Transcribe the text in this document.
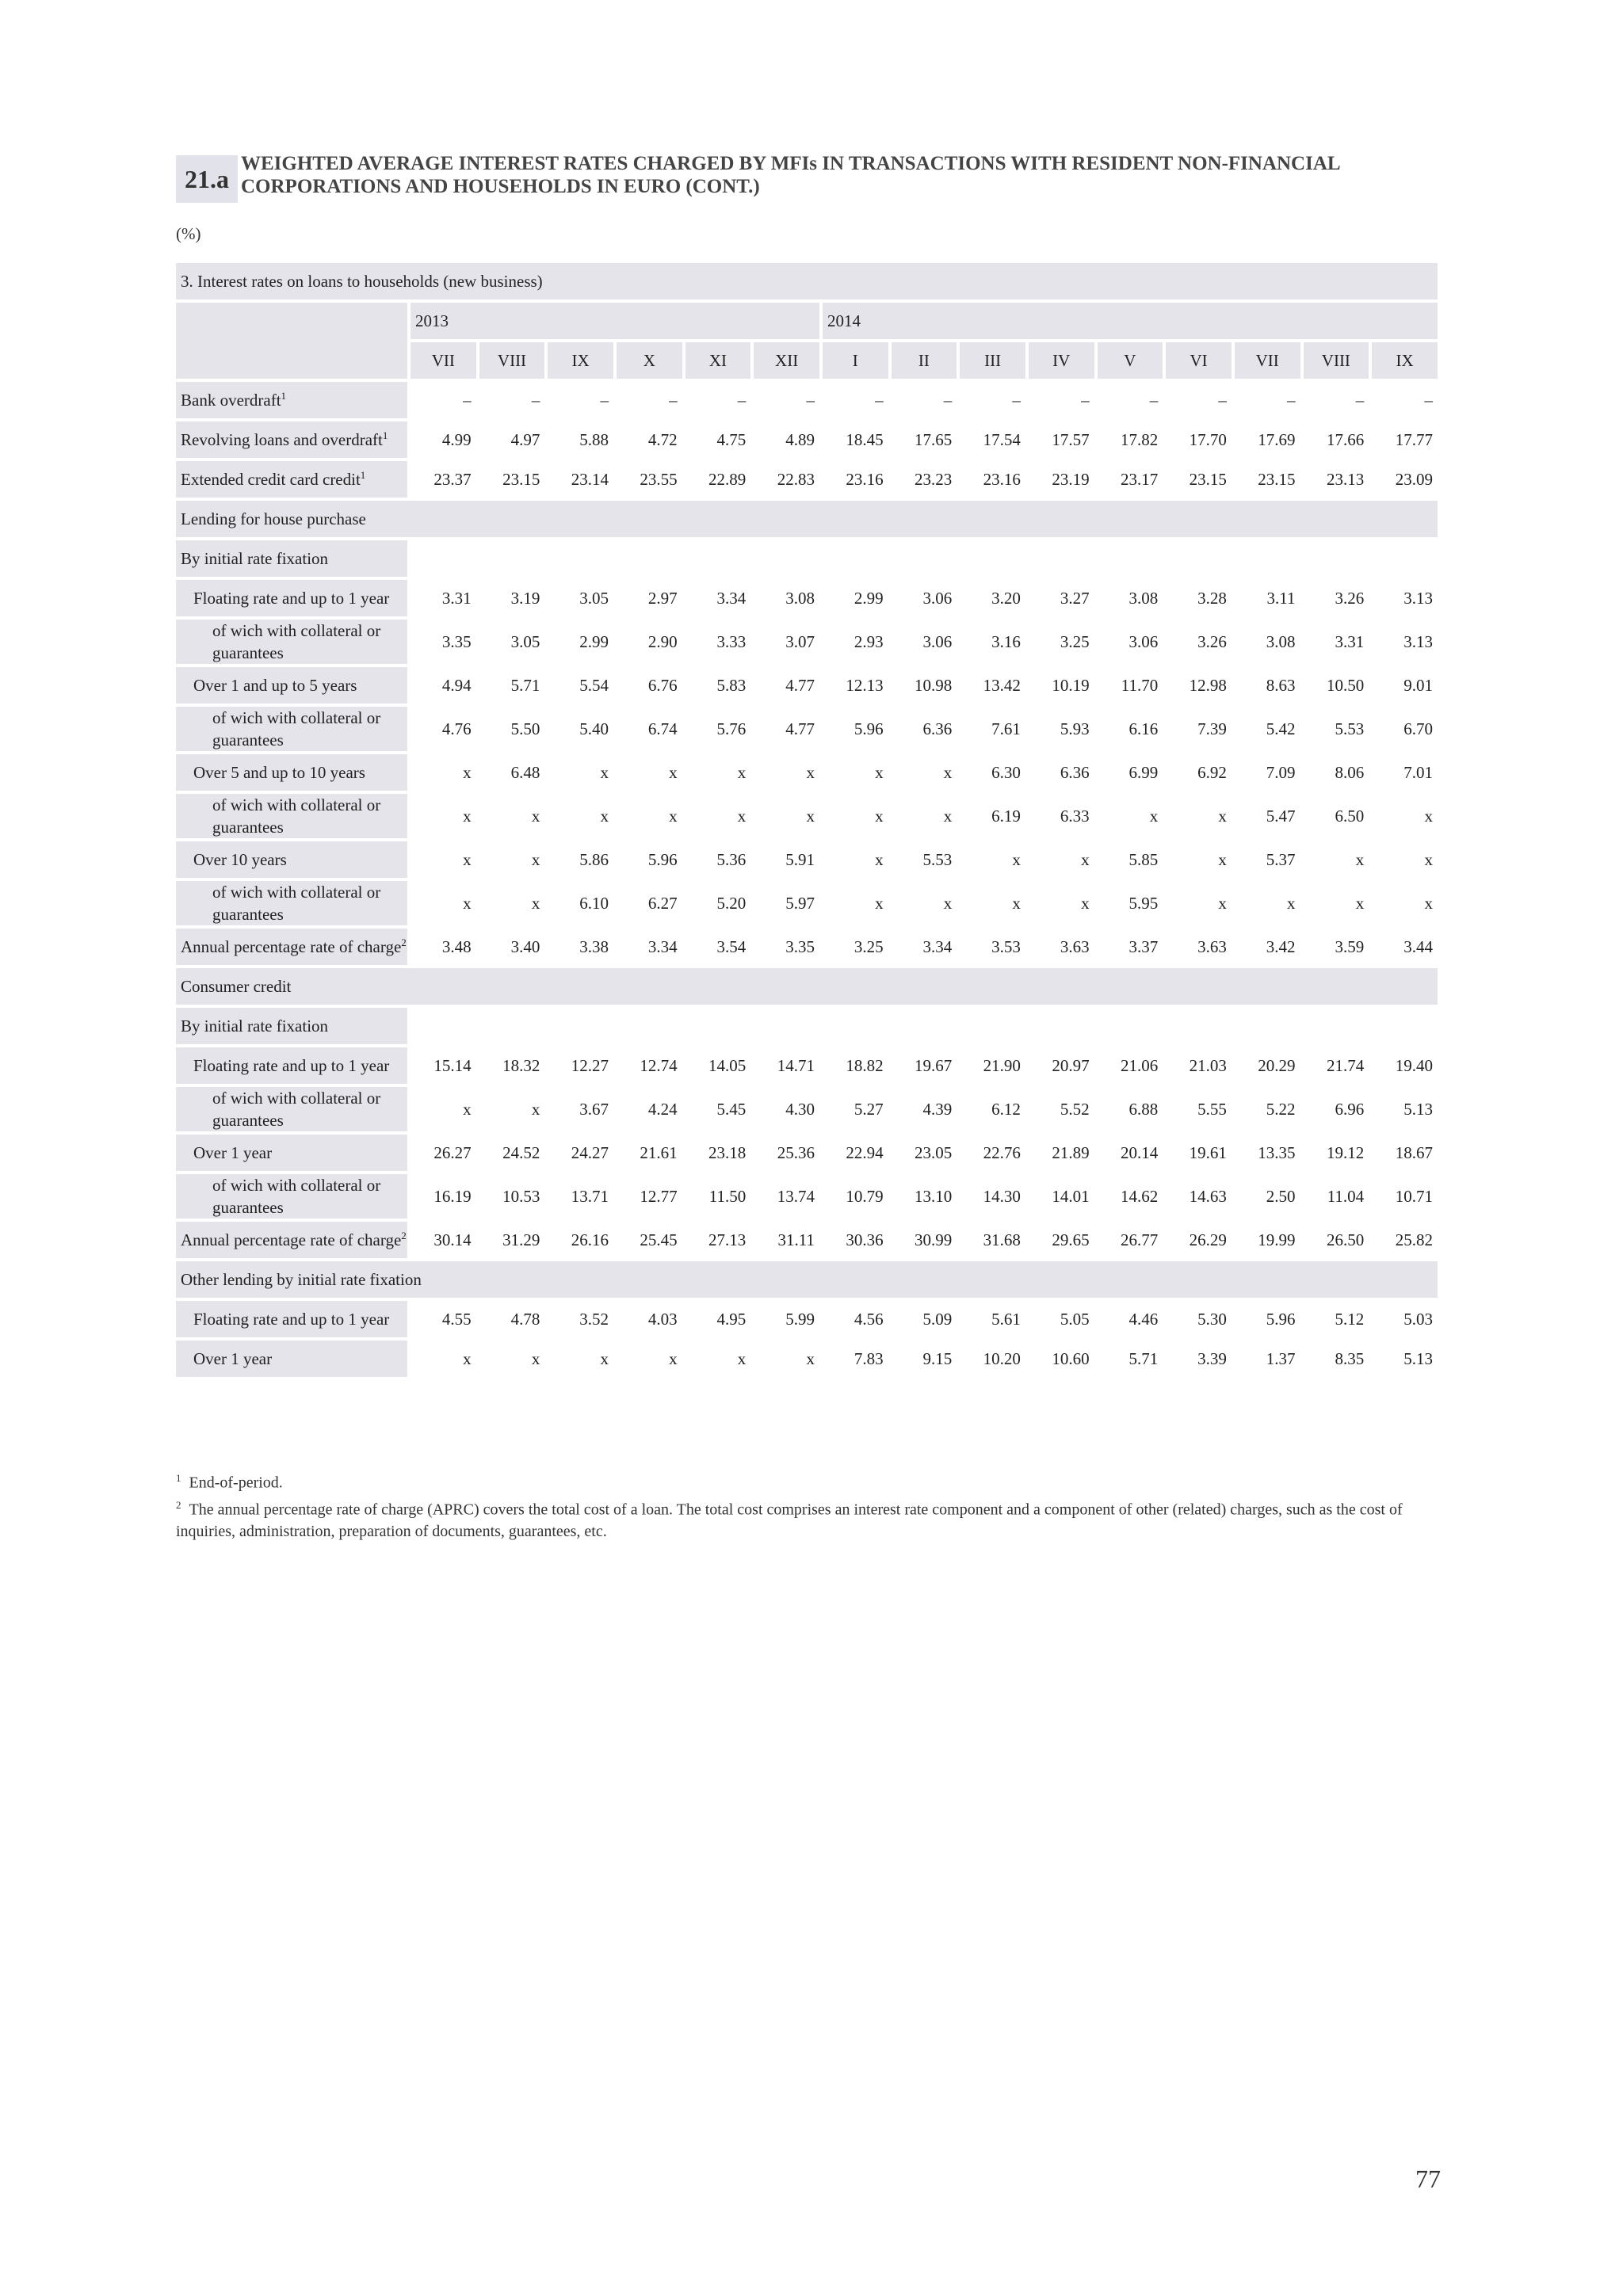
21.a
WEIGHTED AVERAGE INTEREST RATES CHARGED BY MFIs IN TRANSACTIONS WITH RESIDENT NON-FINANCIAL
CORPORATIONS AND HOUSEHOLDS IN EURO (CONT.)
(%)
3. Interest rates on loans to households (new business)															
	2013						2014								
	VII	VIII	IX	X	XI	XII	I	II	III	IV	V	VI	VII	VIII	IX
Bank overdraft$^1$	–	–	–	–	–	–	–	–	–	–	–	–	–	–	–
Revolving loans and overdraft$^1$	4.99	4.97	5.88	4.72	4.75	4.89	18.45	17.65	17.54	17.57	17.82	17.70	17.69	17.66	17.77
Extended credit card credit$^1$	23.37	23.15	23.14	23.55	22.89	22.83	23.16	23.23	23.16	23.19	23.17	23.15	23.15	23.13	23.09
Lending for house purchase															
By initial rate fixation															
Floating rate and up to 1 year	3.31	3.19	3.05	2.97	3.34	3.08	2.99	3.06	3.20	3.27	3.08	3.28	3.11	3.26	3.13
of wich with collateral or guarantees	3.35	3.05	2.99	2.90	3.33	3.07	2.93	3.06	3.16	3.25	3.06	3.26	3.08	3.31	3.13
Over 1 and up to 5 years	4.94	5.71	5.54	6.76	5.83	4.77	12.13	10.98	13.42	10.19	11.70	12.98	8.63	10.50	9.01
of wich with collateral or guarantees	4.76	5.50	5.40	6.74	5.76	4.77	5.96	6.36	7.61	5.93	6.16	7.39	5.42	5.53	6.70
Over 5 and up to 10 years	x	6.48	x	x	x	x	x	x	6.30	6.36	6.99	6.92	7.09	8.06	7.01
of wich with collateral or guarantees	x	x	x	x	x	x	x	x	6.19	6.33	x	x	5.47	6.50	x
Over 10 years	x	x	5.86	5.96	5.36	5.91	x	5.53	x	x	5.85	x	5.37	x	x
of wich with collateral or guarantees	x	x	6.10	6.27	5.20	5.97	x	x	x	x	5.95	x	x	x	x
Annual percentage rate of charge$^2$	3.48	3.40	3.38	3.34	3.54	3.35	3.25	3.34	3.53	3.63	3.37	3.63	3.42	3.59	3.44
Consumer credit															
By initial rate fixation															
Floating rate and up to 1 year	15.14	18.32	12.27	12.74	14.05	14.71	18.82	19.67	21.90	20.97	21.06	21.03	20.29	21.74	19.40
of wich with collateral or guarantees	x	x	3.67	4.24	5.45	4.30	5.27	4.39	6.12	5.52	6.88	5.55	5.22	6.96	5.13
Over 1 year	26.27	24.52	24.27	21.61	23.18	25.36	22.94	23.05	22.76	21.89	20.14	19.61	13.35	19.12	18.67
of wich with collateral or guarantees	16.19	10.53	13.71	12.77	11.50	13.74	10.79	13.10	14.30	14.01	14.62	14.63	2.50	11.04	10.71
Annual percentage rate of charge$^2$	30.14	31.29	26.16	25.45	27.13	31.11	30.36	30.99	31.68	29.65	26.77	26.29	19.99	26.50	25.82
Other lending by initial rate fixation															
Floating rate and up to 1 year	4.55	4.78	3.52	4.03	4.95	5.99	4.56	5.09	5.61	5.05	4.46	5.30	5.96	5.12	5.03
Over 1 year	x	x	x	x	x	x	7.83	9.15	10.20	10.60	5.71	3.39	1.37	8.35	5.13
$^1$ End-of-period.
$^2$ The annual percentage rate of charge (APRC) covers the total cost of a loan. The total cost comprises an interest rate component and a component of other (related) charges, such as the cost of inquiries, administration, preparation of documents, guarantees, etc.
77
